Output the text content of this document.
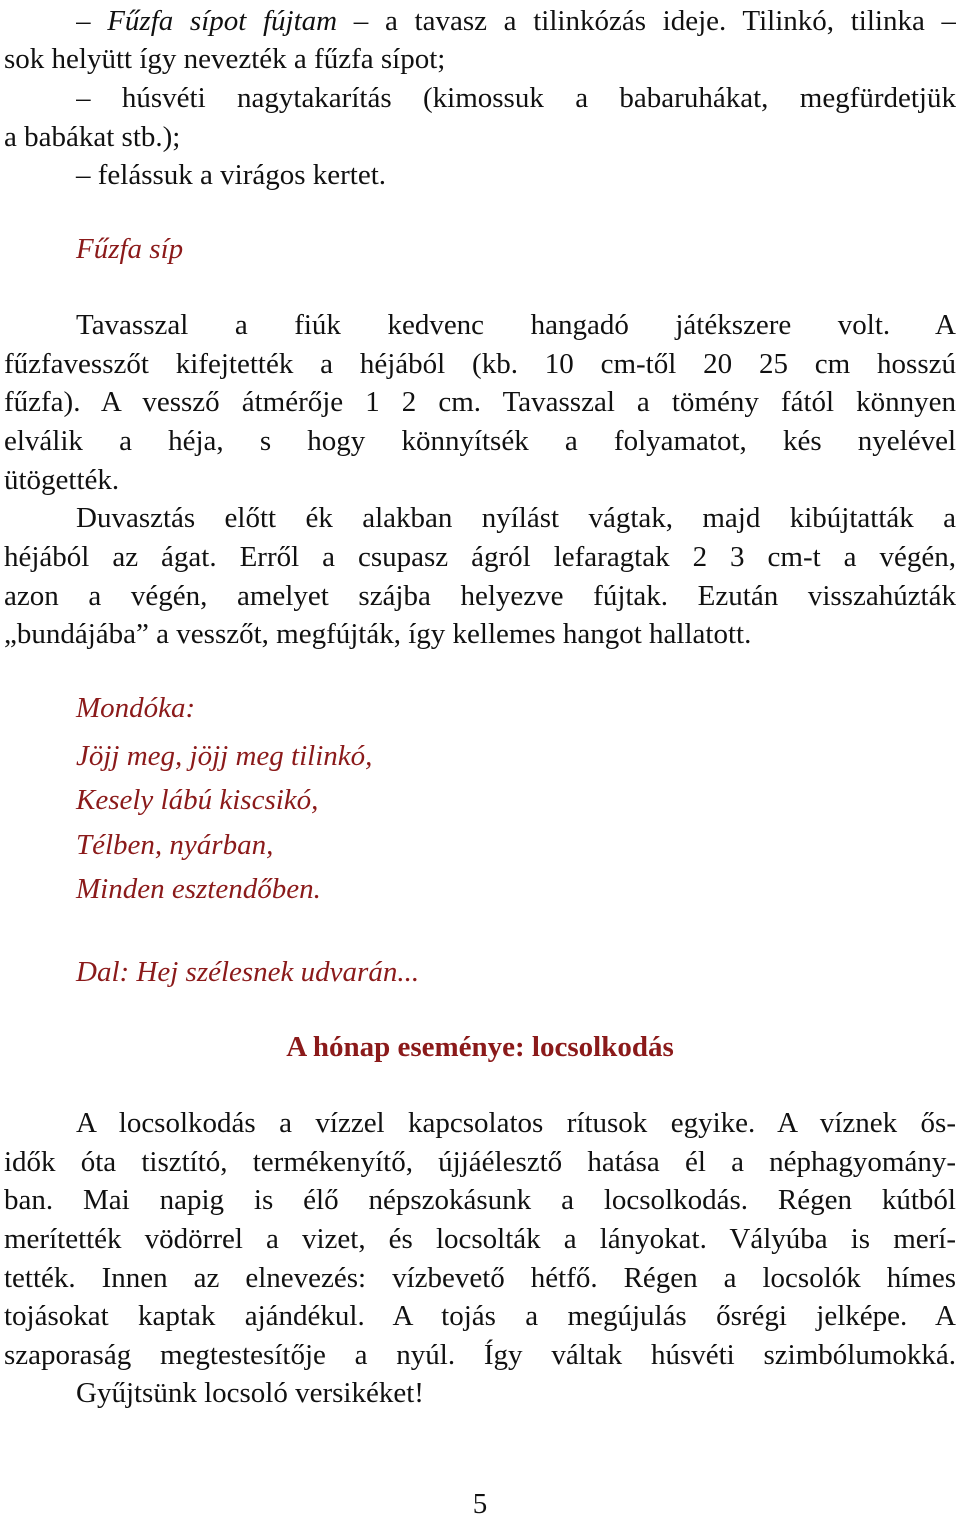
– Fűzfa sípot fújtam – a tavasz a tilinkózás ideje. Tilinkó, tilinka –
sok helyütt így nevezték a fűzfa sípot;
– húsvéti nagytakarítás (kimossuk a babaruhákat, megfürdetjük
a babákat stb.);
– felássuk a virágos kertet.
Fűzfa síp
Tavasszal a fiúk kedvenc hangadó játékszere volt. A
fűzfavesszőt kifejtették a héjából (kb. 10 cm-től 20 25 cm hosszú
fűzfa). A vessző átmérője 1 2 cm. Tavasszal a tömény fától könnyen
elválik a héja, s hogy könnyítsék a folyamatot, kés nyelével
ütögették.
Duvasztás előtt ék alakban nyílást vágtak, majd kibújtatták a
héjából az ágat. Erről a csupasz ágról lefaragtak 2 3 cm-t a végén,
azon a végén, amelyet szájba helyezve fújtak. Ezután visszahúzták
„bundájába” a vesszőt, megfújták, így kellemes hangot hallatott.
Mondóka:
Jöjj meg, jöjj meg tilinkó,
Kesely lábú kiscsikó,
Télben, nyárban,
Minden esztendőben.
Dal: Hej szélesnek udvarán...
A hónap eseménye: locsolkodás
A locsolkodás a vízzel kapcsolatos rítusok egyike. A víznek ős-
idők óta tisztító, termékenyítő, újjáélesztő hatása él a néphagyomány-
ban. Mai napig is élő népszokásunk a locsolkodás. Régen kútból
merítették vödörrel a vizet, és locsolták a lányokat. Vályúba is merí-
tették. Innen az elnevezés: vízbevető hétfő. Régen a locsolók hímes
tojásokat kaptak ajándékul. A tojás a megújulás ősrégi jelképe. A
szaporaság megtestesítője a nyúl. Így váltak húsvéti szimbólumokká.
Gyűjtsünk locsoló versikéket!
5
